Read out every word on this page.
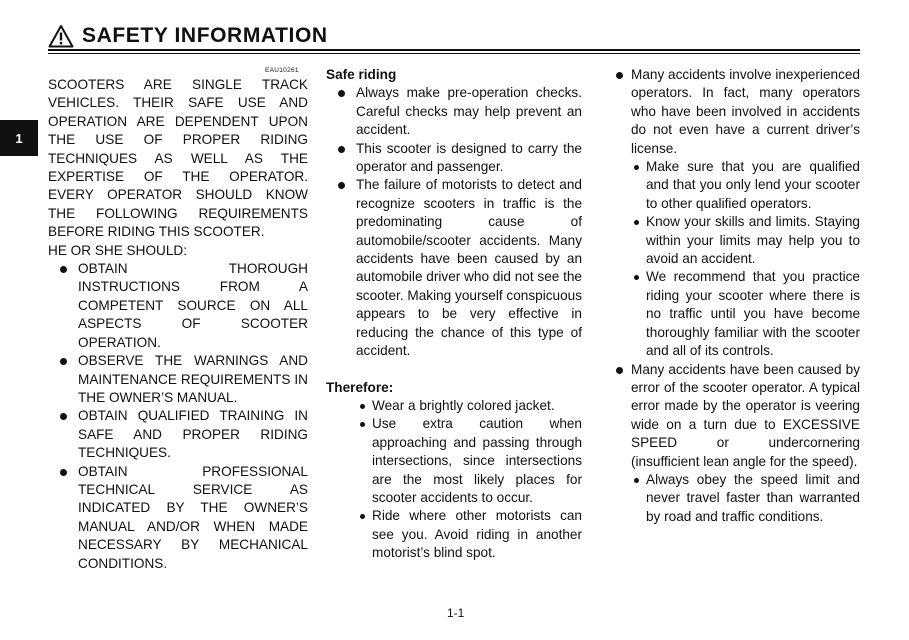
SAFETY INFORMATION
1
EAU10261

SCOOTERS ARE SINGLE TRACK VEHICLES. THEIR SAFE USE AND OPERATION ARE DEPENDENT UPON THE USE OF PROPER RIDING TECHNIQUES AS WELL AS THE EXPERTISE OF THE OPERATOR. EVERY OPERATOR SHOULD KNOW THE FOLLOWING REQUIREMENTS BEFORE RIDING THIS SCOOTER.

HE OR SHE SHOULD:

OBTAIN THOROUGH INSTRUCTIONS FROM A COMPETENT SOURCE ON ALL ASPECTS OF SCOOTER OPERATION.
OBSERVE THE WARNINGS AND MAINTENANCE REQUIREMENTS IN THE OWNER’S MANUAL.
OBTAIN QUALIFIED TRAINING IN SAFE AND PROPER RIDING TECHNIQUES.
OBTAIN PROFESSIONAL TECHNICAL SERVICE AS INDICATED BY THE OWNER’S MANUAL AND/OR WHEN MADE NECESSARY BY MECHANICAL CONDITIONS.

Safe riding

Always make pre-operation checks. Careful checks may help prevent an accident.
This scooter is designed to carry the operator and passenger.
The failure of motorists to detect and recognize scooters in traffic is the predominating cause of automobile/scooter accidents. Many accidents have been caused by an automobile driver who did not see the scooter. Making yourself conspicuous appears to be very effective in reducing the chance of this type of accident.

Therefore:

Wear a brightly colored jacket.
Use extra caution when approaching and passing through intersections, since intersections are the most likely places for scooter accidents to occur.
Ride where other motorists can see you. Avoid riding in another motorist’s blind spot.
Many accidents involve inexperienced operators. In fact, many operators who have been involved in accidents do not even have a current driver’s license.
Make sure that you are qualified and that you only lend your scooter to other qualified operators.
Know your skills and limits. Staying within your limits may help you to avoid an accident.
We recommend that you practice riding your scooter where there is no traffic until you have become thoroughly familiar with the scooter and all of its controls.
Many accidents have been caused by error of the scooter operator. A typical error made by the operator is veering wide on a turn due to EXCESSIVE SPEED or undercornering (insufficient lean angle for the speed).
Always obey the speed limit and never travel faster than warranted by road and traffic conditions.
1-1
